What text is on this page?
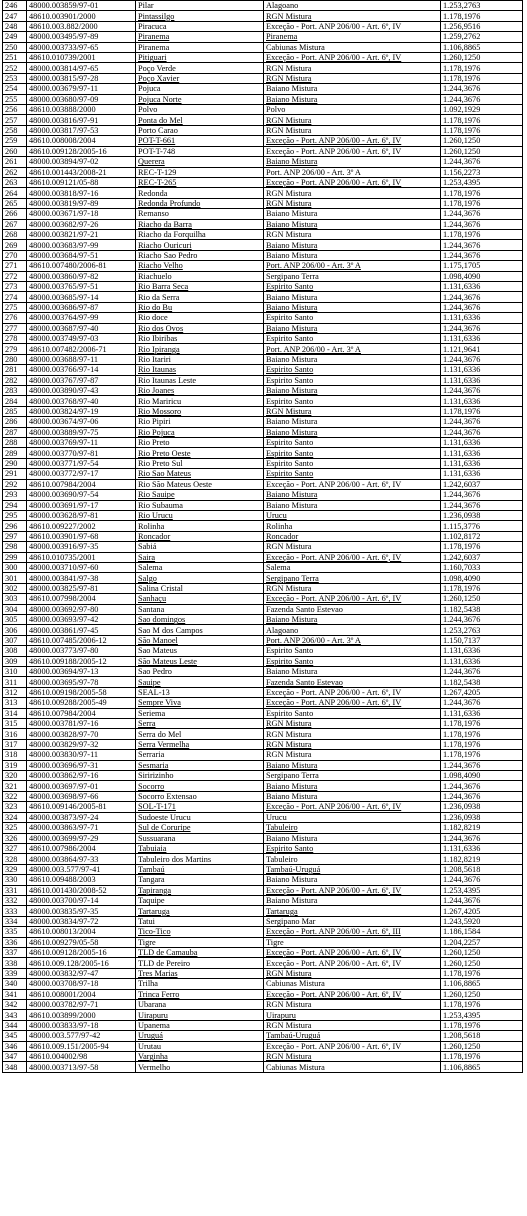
246	48000.003859/97-01	Pilar	Alagoano	1.253,2763
247	48610.003901/2000	Pintassilgo	RGN Mistura	1.178,1976
248	48610.003.882/2000	Piracuca	Exceção - Port. ANP 206/00 - Art. 6º, IV	1.256,9516
249	48000.003495/97-89	Piranema	Piranema	1.259,2762
250	48000.003733/97-65	Piranema	Cabiunas Mistura	1.106,8865
251	48610.010739/2001	Pitiguari	Exceção - Port. ANP 206/00 - Art. 6º, IV	1.260,1250
252	48000.003814/97-65	Poço Verde	RGN Mistura	1.178,1976
253	48000.003815/97-28	Poço Xavier	RGN Mistura	1.178,1976
254	48000.003679/97-11	Pojuca	Baiano Mistura	1.244,3676
255	48000.003680/97-09	Pojuca Norte	Baiano Mistura	1.244,3676
256	48610.003888/2000	Polvo	Polvo	1.092,1929
257	48000.003816/97-91	Ponta do Mel	RGN Mistura	1.178,1976
258	48000.003817/97-53	Porto Carao	RGN Mistura	1.178,1976
259	48610.008008/2004	POT-T-661	Exceção - Port. ANP 206/00 - Art. 6º, IV	1.260,1250
260	48610.009128/2005-16	POT-T-748	Exceção - Port. ANP 206/00 - Art. 6º, IV	1.260,1250
261	48000.003894/97-02	Querera	Baiano Mistura	1.244,3676
262	48610.001443/2008-21	REC-T-129	Port. ANP 206/00 - Art. 3º A	1.156,2273
263	48610.009121/05-88	REC-T-265	Exceção - Port. ANP 206/00 - Art. 6º, IV	1.253,4395
264	48000.003818/97-16	Redonda	RGN Mistura	1.178,1976
265	48000.003819/97-89	Redonda Profundo	RGN Mistura	1.178,1976
266	48000.003671/97-18	Remanso	Baiano Mistura	1.244,3676
267	48000.003682/97-26	Riacho da Barra	Baiano Mistura	1.244,3676
268	48000.003821/97-21	Riacho da Forquilha	RGN Mistura	1.178,1976
269	48000.003683/97-99	Riacho Ouricuri	Baiano Mistura	1.244,3676
270	48000.003684/97-51	Riacho Sao Pedro	Baiano Mistura	1.244,3676
271	48610.007480/2006-81	Riacho Velho	Port. ANP 206/00 - Art. 3º A	1.175,1705
272	48000.003860/97-82	Riachuelo	Sergipano Terra	1.098,4090
273	48000.003765/97-51	Rio Barra Seca	Espirito Santo	1.131,6336
274	48000.003685/97-14	Rio da Serra	Baiano Mistura	1.244,3676
275	48000.003686/97-87	Rio do Bu	Baiano Mistura	1.244,3676
276	48000.003764/97-99	Rio doce	Espirito Santo	1.131,6336
277	48000.003687/97-40	Rio dos Ovos	Baiano Mistura	1.244,3676
278	48000.003749/97-03	Rio Ibiribas	Espirito Santo	1.131,6336
279	48610.007482/2006-71	Rio Ipiranga	Port. ANP 206/00 - Art. 3º A	1.121,9641
280	48000.003688/97-11	Rio Itariri	Baiano Mistura	1.244,3676
281	48000.003766/97-14	Rio Itaunas	Espirito Santo	1.131,6336
282	48000.003767/97-87	Rio Itaunas Leste	Espirito Santo	1.131,6336
283	48000.003890/97-43	Rio Joanes	Baiano Mistura	1.244,3676
284	48000.003768/97-40	Rio Mariricu	Espirito Santo	1.131,6336
285	48000.003824/97-19	Rio Mossoro	RGN Mistura	1.178,1976
286	48000.003674/97-06	Rio Pipiri	Baiano Mistura	1.244,3676
287	48000.003889/97-75	Rio Pojuca	Baiano Mistura	1.244,3676
288	48000.003769/97-11	Rio Preto	Espirito Santo	1.131,6336
289	48000.003770/97-81	Rio Preto Oeste	Espirito Santo	1.131,6336
290	48000.003771/97-54	Rio Preto Sul	Espirito Santo	1.131,6336
291	48000.003772/97-17	Rio Sao Mateus	Espirito Santo	1.131,6336
292	48610.007984/2004	Rio São Mateus Oeste	Exceção - Port. ANP 206/00 - Art. 6º, IV	1.242,6037
293	48000.003690/97-54	Rio Sauipe	Baiano Mistura	1.244,3676
294	48000.003691/97-17	Rio Subauma	Baiano Mistura	1.244,3676
295	48000.003628/97-81	Rio Urucu	Urucu	1.236,0938
296	48610.009227/2002	Rolinha	Rolinha	1.115,3776
297	48610.003901/97-68	Roncador	Roncador	1.102,8172
298	48000.003916/97-35	Sabiá	RGN Mistura	1.178,1976
299	48610.010735/2001	Saira	Exceção - Port. ANP 206/00 - Art. 6º, IV	1.242,6037
300	48000.003710/97-60	Salema	Salema	1.160,7033
301	48000.003841/97-38	Salgo	Sergipano Terra	1.098,4090
302	48000.003825/97-81	Salina Cristal	RGN Mistura	1.178,1976
303	48610.007998/2004	Sanhaçu	Exceção - Port. ANP 206/00 - Art. 6º, IV	1.260,1250
304	48000.003692/97-80	Santana	Fazenda Santo Estevao	1.182,5438
305	48000.003693/97-42	Sao domingos	Baiano Mistura	1.244,3676
306	48000.003861/97-45	Sao M dos Campos	Alagoano	1.253,2763
307	48610.007485/2006-12	São Manoel	Port. ANP 206/00 - Art. 3º A	1.150,7137
308	48000.003773/97-80	Sao Mateus	Espirito Santo	1.131,6336
309	48610.009188/2005-12	São Mateus Leste	Espirito Santo	1.131,6336
310	48000.003694/97-13	Sao Pedro	Baiano Mistura	1.244,3676
311	48000.003695/97-78	Sauipe	Fazenda Santo Estevao	1.182,5438
312	48610.009198/2005-58	SEAL-13	Exceção - Port. ANP 206/00 - Art. 6º, IV	1.267,4205
313	48610.009288/2005-49	Sempre Viva	Exceção - Port. ANP 206/00 - Art. 6º, IV	1.244,3676
314	48610.007984/2004	Seriema	Espirito Santo	1.131,6336
315	48000.003781/97-16	Serra	RGN Mistura	1.178,1976
316	48000.003828/97-70	Serra do Mel	RGN Mistura	1.178,1976
317	48000.003829/97-32	Serra Vermelha	RGN Mistura	1.178,1976
318	48000.003830/97-11	Serraria	RGN Mistura	1.178,1976
319	48000.003696/97-31	Sesmaria	Baiano Mistura	1.244,3676
320	48000.003862/97-16	Siririzinho	Sergipano Terra	1.098,4090
321	48000.003697/97-01	Socorro	Baiano Mistura	1.244,3676
322	48000.003698/97-66	Socorro Extensao	Baiano Mistura	1.244,3676
323	48610.009146/2005-81	SOL-T-171	Exceção - Port. ANP 206/00 - Art. 6º, IV	1.236,0938
324	48000.003873/97-24	Sudoeste Urucu	Urucu	1.236,0938
325	48000.003863/97-71	Sul de Coruripe	Tabuleiro	1.182,8219
326	48000.003699/97-29	Sussuarana	Baiano Mistura	1.244,3676
327	48610.007986/2004	Tabuiaia	Espirito Santo	1.131,6336
328	48000.003864/97-33	Tabuleiro dos Martins	Tabuleiro	1.182,8219
329	48000.003.577/97-41	Tambaú	Tambaú-Uruguá	1.208,5618
330	48610.009488/2003	Tangara	Baiano Mistura	1.244,3676
331	48610.001430/2008-52	Tapiranga	Exceção - Port. ANP 206/00 - Art. 6º, IV	1.253,4395
332	48000.003700/97-14	Taquipe	Baiano Mistura	1.244,3676
333	48000.003835/97-35	Tartaruga	Tartaruga	1.267,4205
334	48000.003834/97-72	Tatui	Sergipano Mar	1.243,5920
335	48610.008013/2004	Tico-Tico	Exceção - Port. ANP 206/00 - Art. 6º, III	1.186,1584
336	48610.009279/05-58	Tigre	Tigre	1.204,2257
337	48610.009128/2005-16	TLD de Camauba	Exceção - Port. ANP 206/00 - Art. 6º, IV	1.260,1250
338	48610.009.128/2005-16	TLD de Pereiro	Exceção - Port. ANP 206/00 - Art. 6º, IV	1.260,1250
339	48000.003832/97-47	Tres Marias	RGN Mistura	1.178,1976
340	48000.003708/97-18	Trilha	Cabiunas Mistura	1.106,8865
341	48610.008001/2004	Trinca Ferro	Exceção - Port. ANP 206/00 - Art. 6º, IV	1.260,1250
342	48000.003782/97-71	Ubarana	RGN Mistura	1.178,1976
343	48610.003899/2000	Uirapuru	Uirapuru	1.253,4395
344	48000.003833/97-18	Upanema	RGN Mistura	1.178,1976
345	48000.003.577/97-42	Uruguá	Tambaú-Uruguá	1.208,5618
346	48610.009.151/2005-94	Urutau	Exceção - Port. ANP 206/00 - Art. 6º, IV	1.260,1250
347	48610.004002/98	Varginha	RGN Mistura	1.178,1976
348	48000.003713/97-58	Vermelho	Cabiunas Mistura	1.106,8865
